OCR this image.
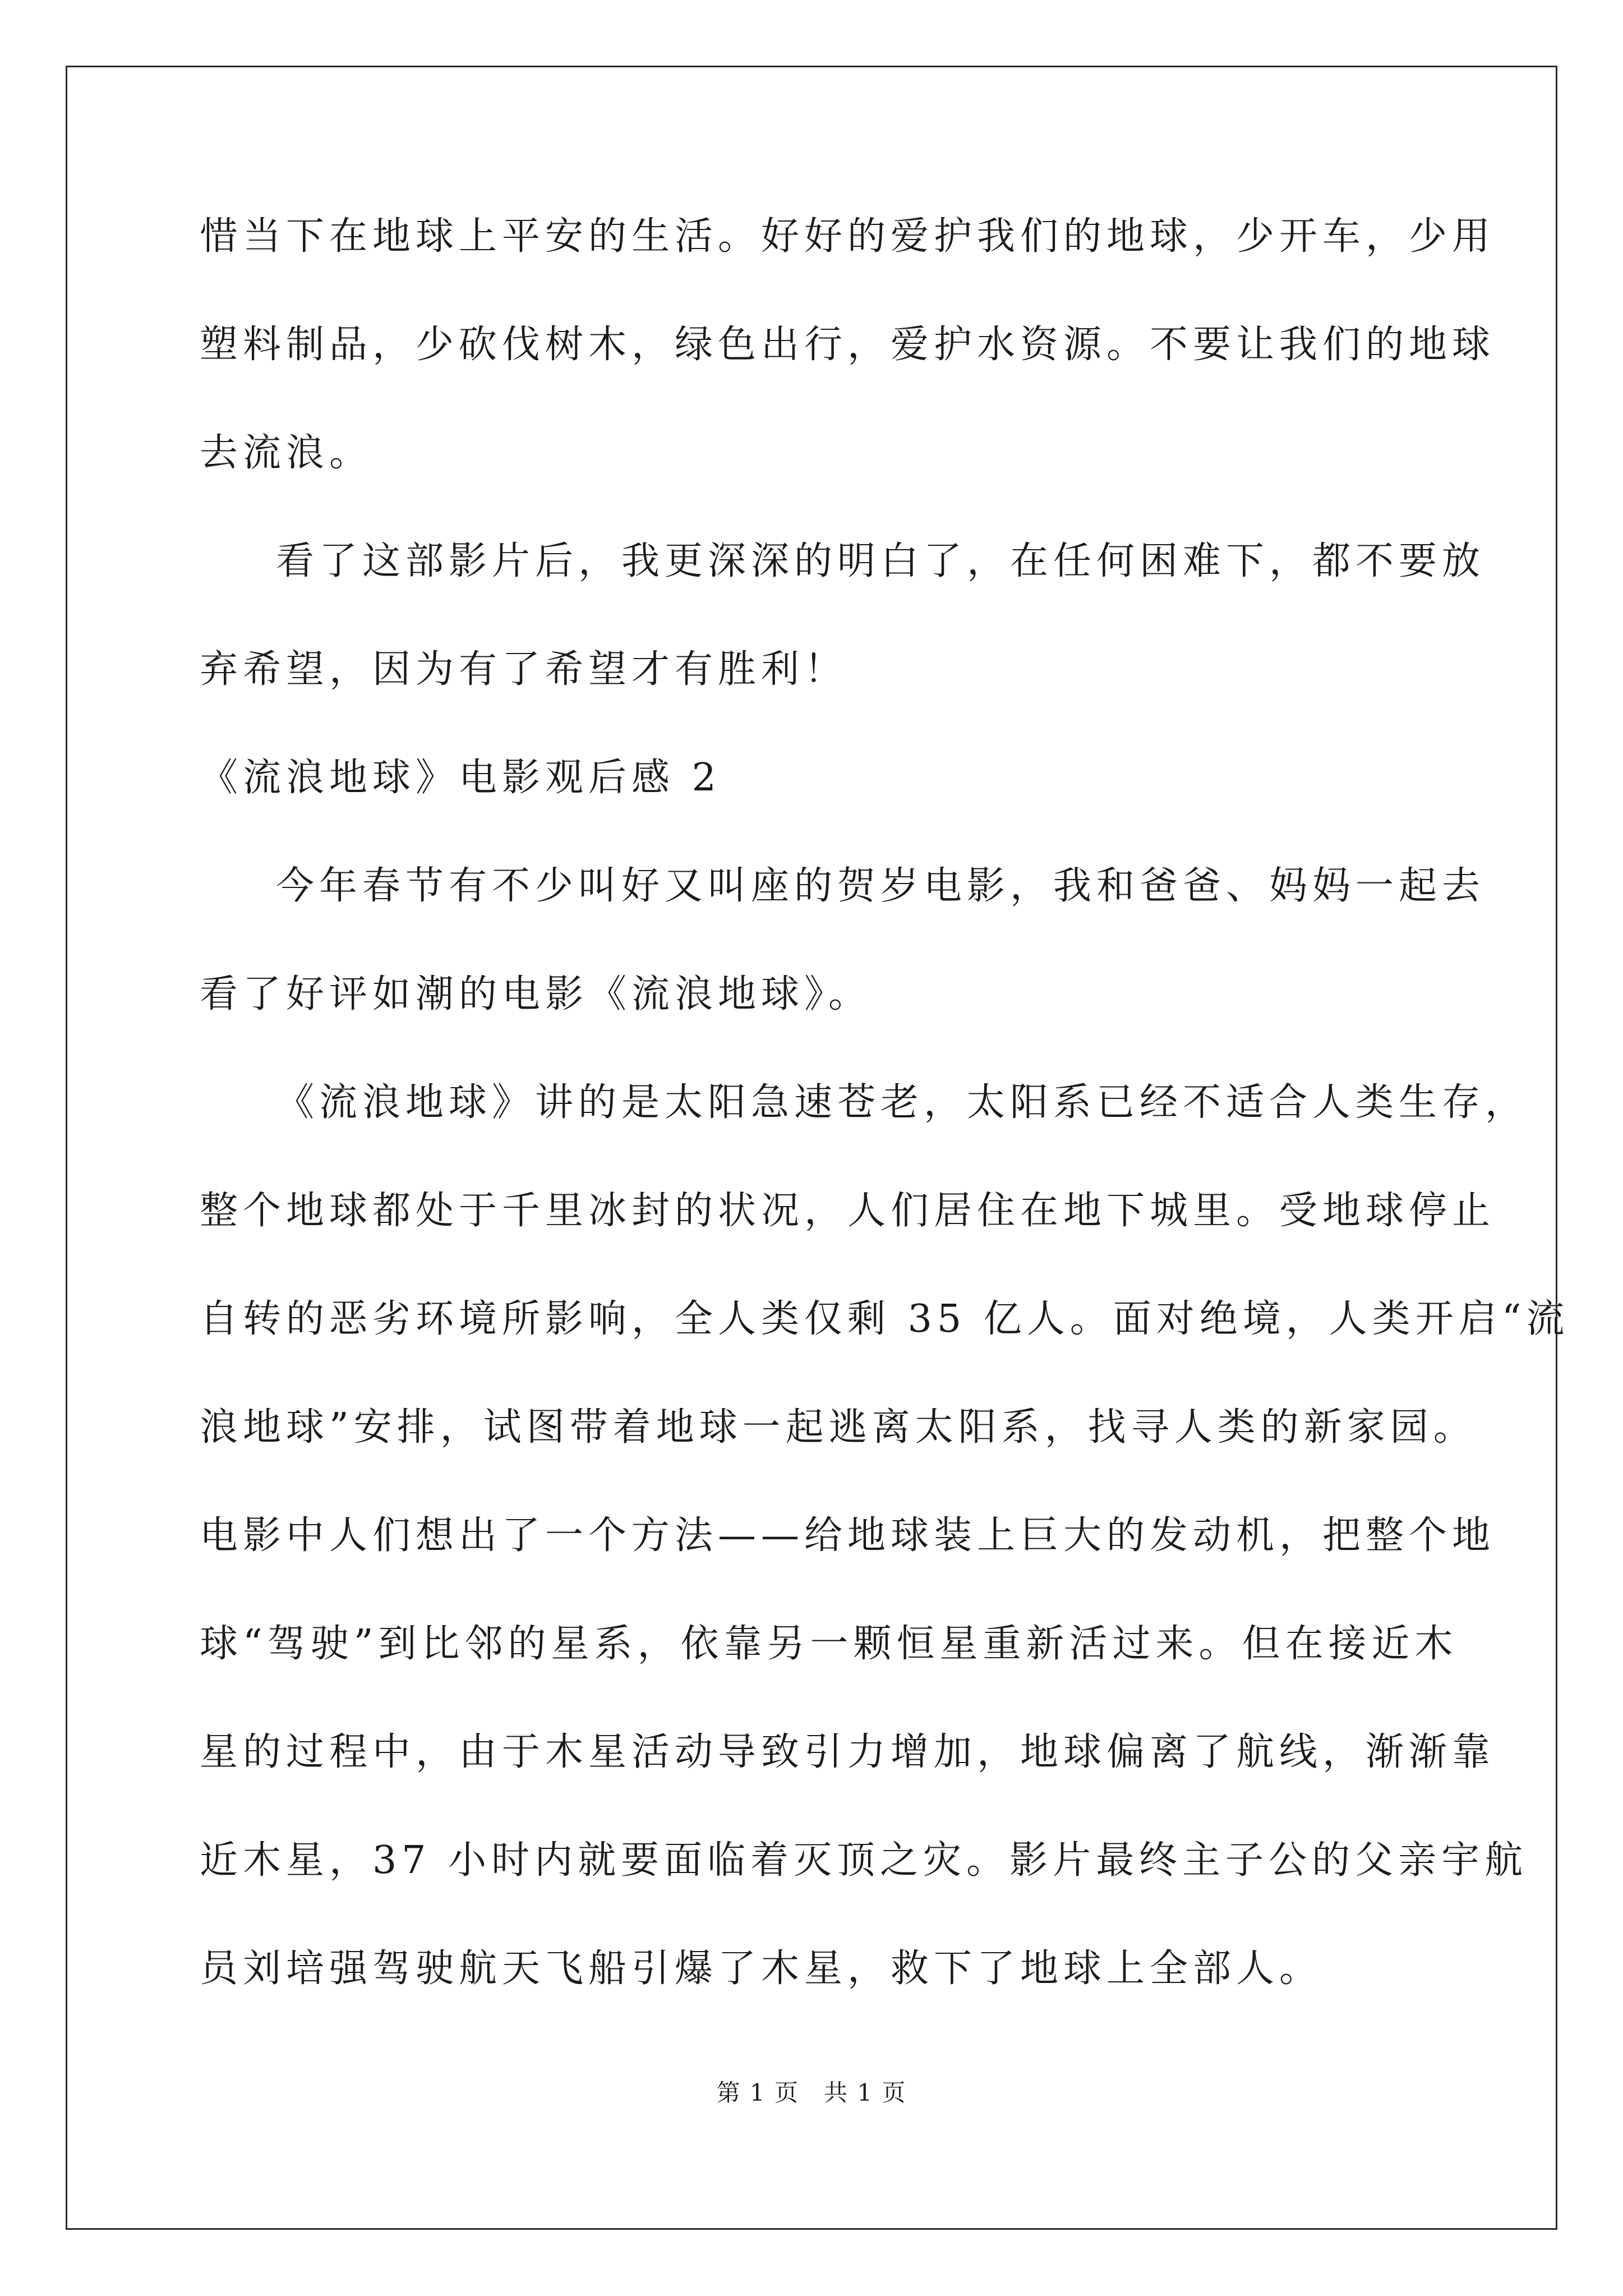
惜当下在地球上平安的生活。好好的爱护我们的地球，少开车，少用
塑料制品，少砍伐树木，绿色出行，爱护水资源。不要让我们的地球
去流浪。
看了这部影片后，我更深深的明白了，在任何困难下，都不要放
弃希望，因为有了希望才有胜利！
《流浪地球》电影观后感 2
今年春节有不少叫好又叫座的贺岁电影，我和爸爸、妈妈一起去
看了好评如潮的电影《流浪地球》。
《流浪地球》讲的是太阳急速苍老，太阳系已经不适合人类生存，
整个地球都处于千里冰封的状况，人们居住在地下城里。受地球停止
自转的恶劣环境所影响，全人类仅剩 35 亿人。面对绝境，人类开启“流
浪地球”安排，试图带着地球一起逃离太阳系，找寻人类的新家园。
电影中人们想出了一个方法——给地球装上巨大的发动机，把整个地
球“驾驶”到比邻的星系，依靠另一颗恒星重新活过来。但在接近木
星的过程中，由于木星活动导致引力增加，地球偏离了航线，渐渐靠
近木星，37 小时内就要面临着灭顶之灾。影片最终主子公的父亲宇航
员刘培强驾驶航天飞船引爆了木星，救下了地球上全部人。
第 1 页 共 1 页
